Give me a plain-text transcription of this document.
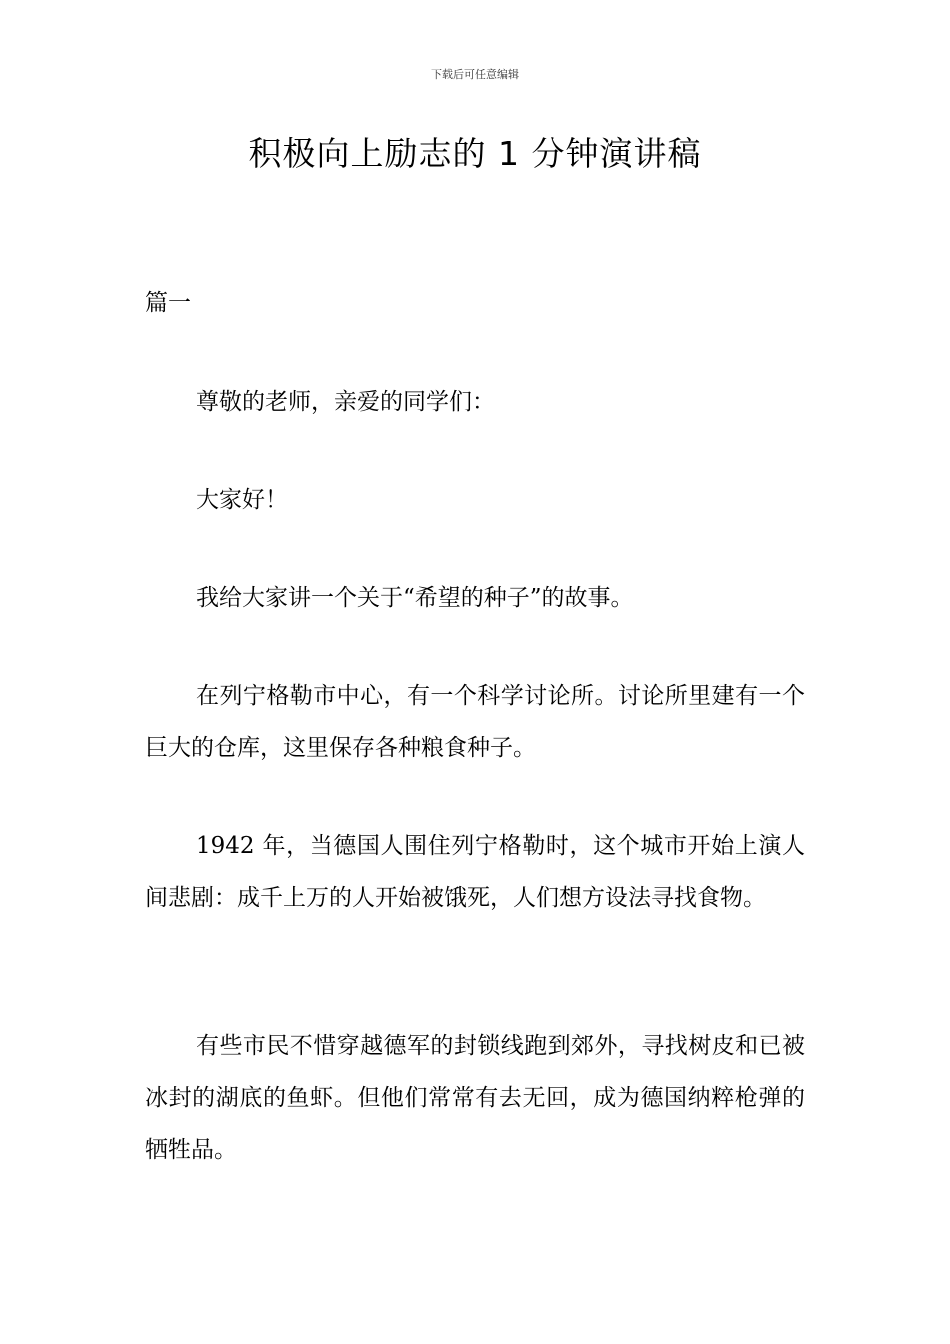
下载后可任意编辑
积极向上励志的 1 分钟演讲稿
篇一

尊敬的老师，亲爱的同学们：

大家好！

我给大家讲一个关于“希望的种子”的故事。

在列宁格勒市中心，有一个科学讨论所。讨论所里建有一个巨大的仓库，这里保存各种粮食种子。

1942 年，当德国人围住列宁格勒时，这个城市开始上演人间悲剧：成千上万的人开始被饿死，人们想方设法寻找食物。

有些市民不惜穿越德军的封锁线跑到郊外，寻找树皮和已被冰封的湖底的鱼虾。但他们常常有去无回，成为德国纳粹枪弹的牺牲品。
